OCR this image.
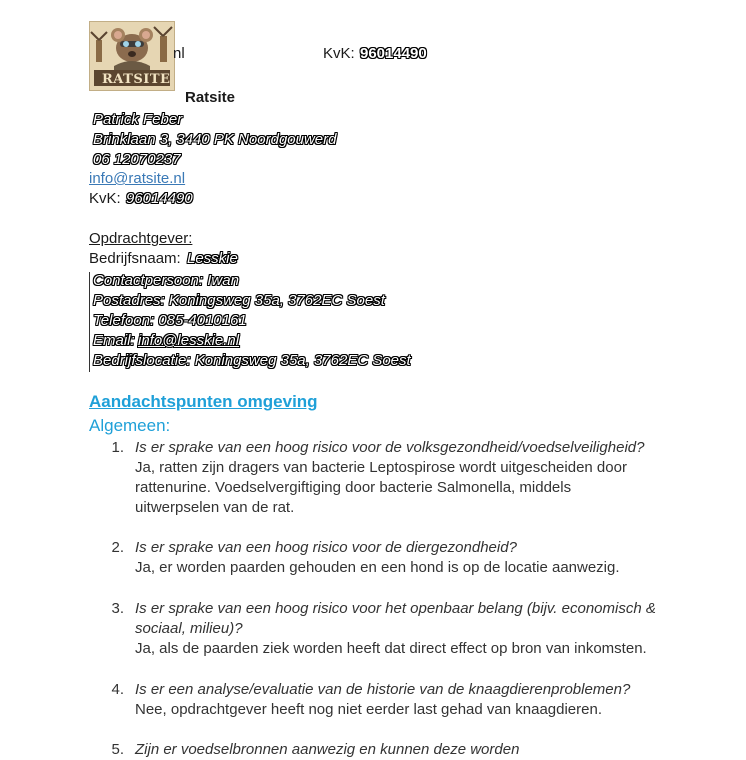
RATSITE
nl	KvK: 96014490
Ratsite
Patrick Feber
Brinklaan 3, 3440 PK Noordgouwerd
06 12070237
info@ratsite.nl
KvK: 96014490
Opdrachtgever:
Bedrijfsnaam: Lesskie
Contactpersoon: Iwan
Postadres: Koningsweg 35a, 3762EC Soest
Telefoon: 085-4010161
Email: info@lesskie.nl
Bedrijfslocatie: Koningsweg 35a, 3762EC Soest
Aandachtspunten omgeving
Algemeen:
1. Is er sprake van een hoog risico voor de volksgezondheid/voedselveiligheid?
Ja, ratten zijn dragers van bacterie Leptospirose wordt uitgescheiden door
rattenurine. Voedselvergiftiging door bacterie Salmonella, middels
uitwerpselen van de rat.
2. Is er sprake van een hoog risico voor de diergezondheid?
Ja, er worden paarden gehouden en een hond is op de locatie aanwezig.
3. Is er sprake van een hoog risico voor het openbaar belang (bijv. economisch &
sociaal, milieu)?
Ja, als de paarden ziek worden heeft dat direct effect op bron van inkomsten.
4. Is er een analyse/evaluatie van de historie van de knaagdierenproblemen?
Nee, opdrachtgever heeft nog niet eerder last gehad van knaagdieren.
5. Zijn er voedselbronnen aanwezig en kunnen deze worden
